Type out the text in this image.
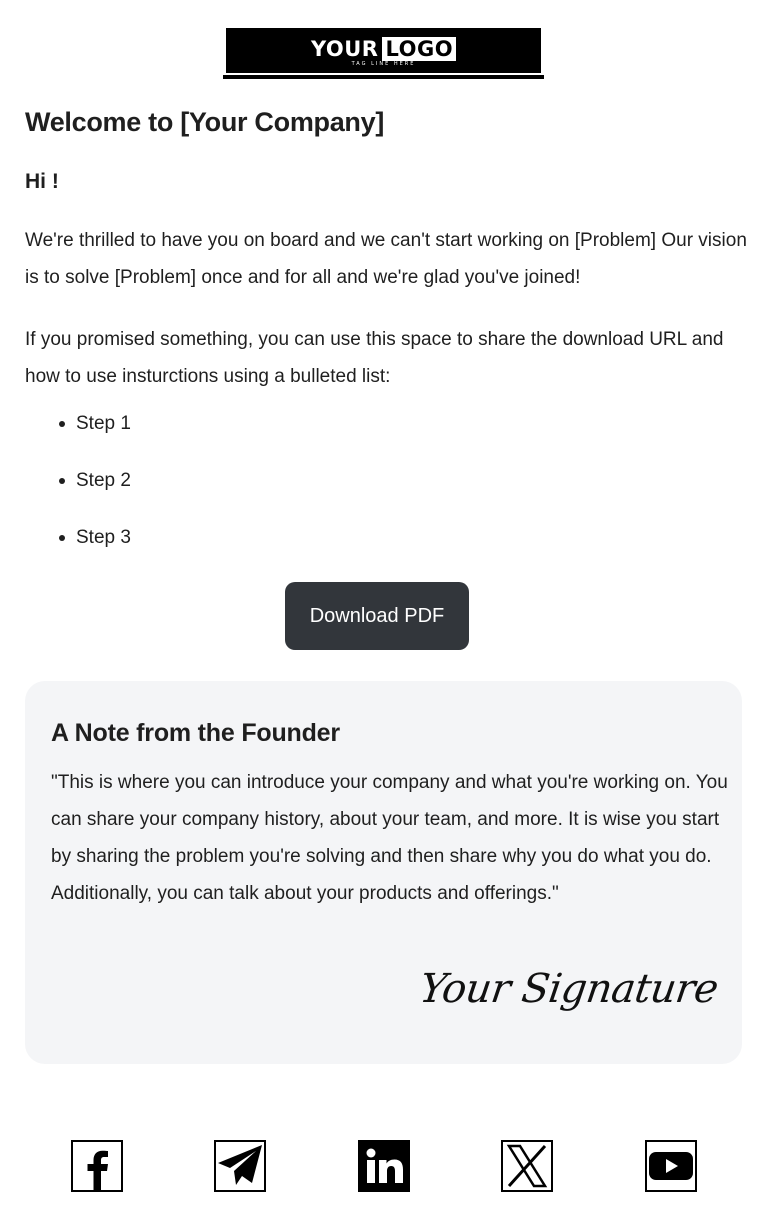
YOUR LOGO
TAG LINE HERE
Welcome to [Your Company]
Hi !

We're thrilled to have you on board and we can't start working on [Problem] Our vision is to solve [Problem] once and for all and we're glad you've joined!

If you promised something, you can use this space to share the download URL and how to use insturctions using a bulleted list:

Step 1
Step 2
Step 3
Download PDF
A Note from the Founder

"This is where you can introduce your company and what you're working on. You can share your company history, about your team, and more. It is wise you start by sharing the problem you're solving and then share why you do what you do. Additionally, you can talk about your products and offerings."

Your Signature
